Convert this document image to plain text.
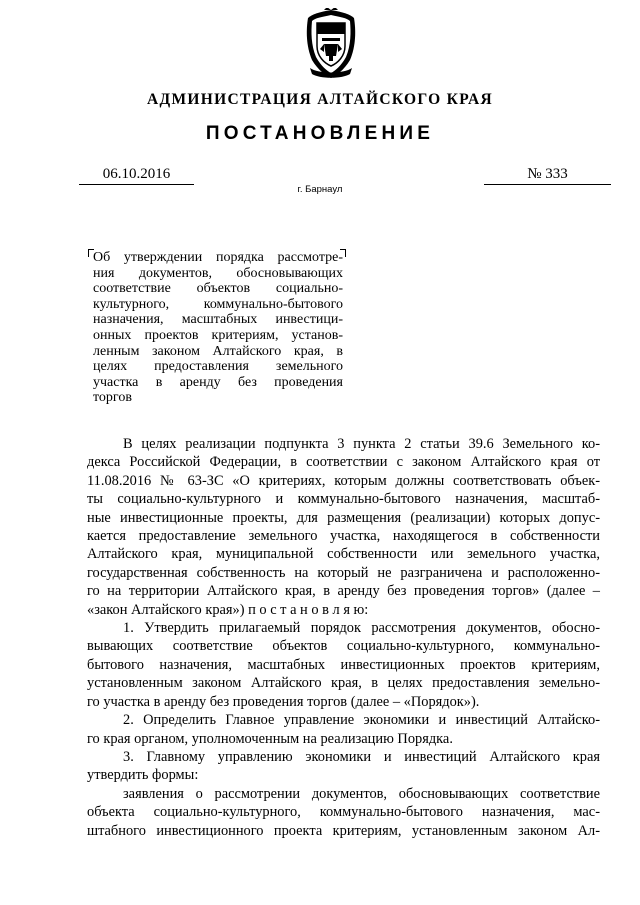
АДМИНИСТРАЦИЯ АЛТАЙСКОГО КРАЯ
ПОСТАНОВЛЕНИЕ
06.10.2016	№ 333
г. Барнаул
Об утверждении порядка рассмотре-
ния документов, обосновывающих
соответствие объектов социально-
культурного, коммунально-бытового
назначения, масштабных инвестици-
онных проектов критериям, установ-
ленным законом Алтайского края, в
целях предоставления земельного
участка в аренду без проведения
торгов
В целях реализации подпункта 3 пункта 2 статьи 39.6 Земельного ко-
декса Российской Федерации, в соответствии с законом Алтайского края от
11.08.2016 № 63-ЗС «О критериях, которым должны соответствовать объек-
ты социально-культурного и коммунально-бытового назначения, масштаб-
ные инвестиционные проекты, для размещения (реализации) которых допус-
кается предоставление земельного участка, находящегося в собственности
Алтайского края, муниципальной собственности или земельного участка,
государственная собственность на который не разграничена и расположенно-
го на территории Алтайского края, в аренду без проведения торгов» (далее –
«закон Алтайского края») п о с т а н о в л я ю:
1. Утвердить прилагаемый порядок рассмотрения документов, обосно-
вывающих соответствие объектов социально-культурного, коммунально-
бытового назначения, масштабных инвестиционных проектов критериям,
установленным законом Алтайского края, в целях предоставления земельно-
го участка в аренду без проведения торгов (далее – «Порядок»).
2. Определить Главное управление экономики и инвестиций Алтайско-
го края органом, уполномоченным на реализацию Порядка.
3. Главному управлению экономики и инвестиций Алтайского края
утвердить формы:
заявления о рассмотрении документов, обосновывающих соответствие
объекта социально-культурного, коммунально-бытового назначения, мас-
штабного инвестиционного проекта критериям, установленным законом Ал-
